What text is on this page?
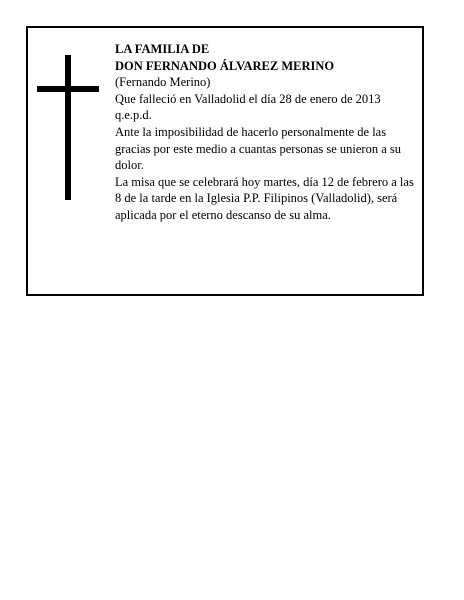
LA FAMILIA DE

DON FERNANDO ÁLVAREZ MERINO

(Fernando Merino)

Que falleció en Valladolid el día 28 de enero de 2013

q.e.p.d.

Ante la imposibilidad de hacerlo personalmente de las gracias por este medio a cuantas personas se unieron a su dolor.

La misa que se celebrará hoy martes, día 12 de febrero a las 8 de la tarde en la Iglesia P.P. Filipinos (Valladolid), será aplicada por el eterno descanso de su alma.
